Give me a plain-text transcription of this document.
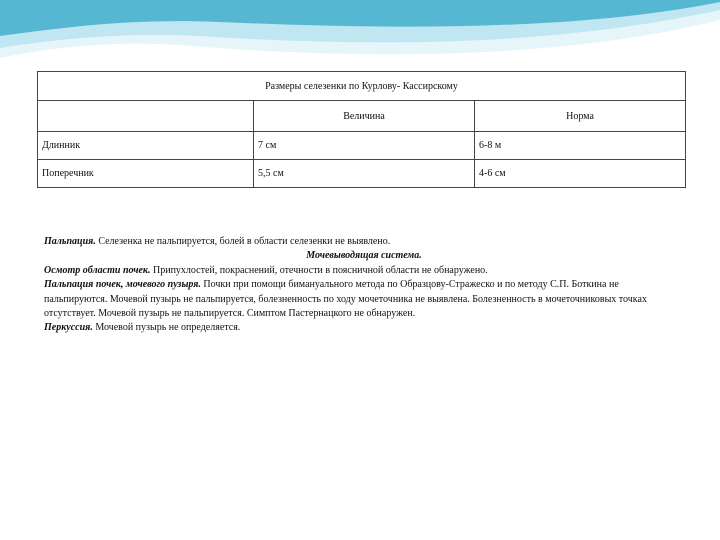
Размеры селезенки по Курлову- Кассирскому		
	Величина	Норма
Длинник	7 см	6-8 м
Поперечник	5,5 см	4-6 см

Пальпация. Селезенка не пальпируется, болей в области селезенки не выявлено.

Мочевыводящая система.

Осмотр области почек. Припухлостей, покраснений, отечности в поясничной области не обнаружено.

Пальпация почек, мочевого пузыря. Почки при помощи бимануального метода по Образцову-Стражеско и по методу С.П. Боткина не пальпируются. Мочевой пузырь не пальпируется, болезненность по ходу мочеточника не выявлена. Болезненность в мочеточниковых точках отсутствует. Мочевой пузырь не пальпируется. Симптом Пастернацкого не обнаружен.

Перкуссия. Мочевой пузырь не определяется.
